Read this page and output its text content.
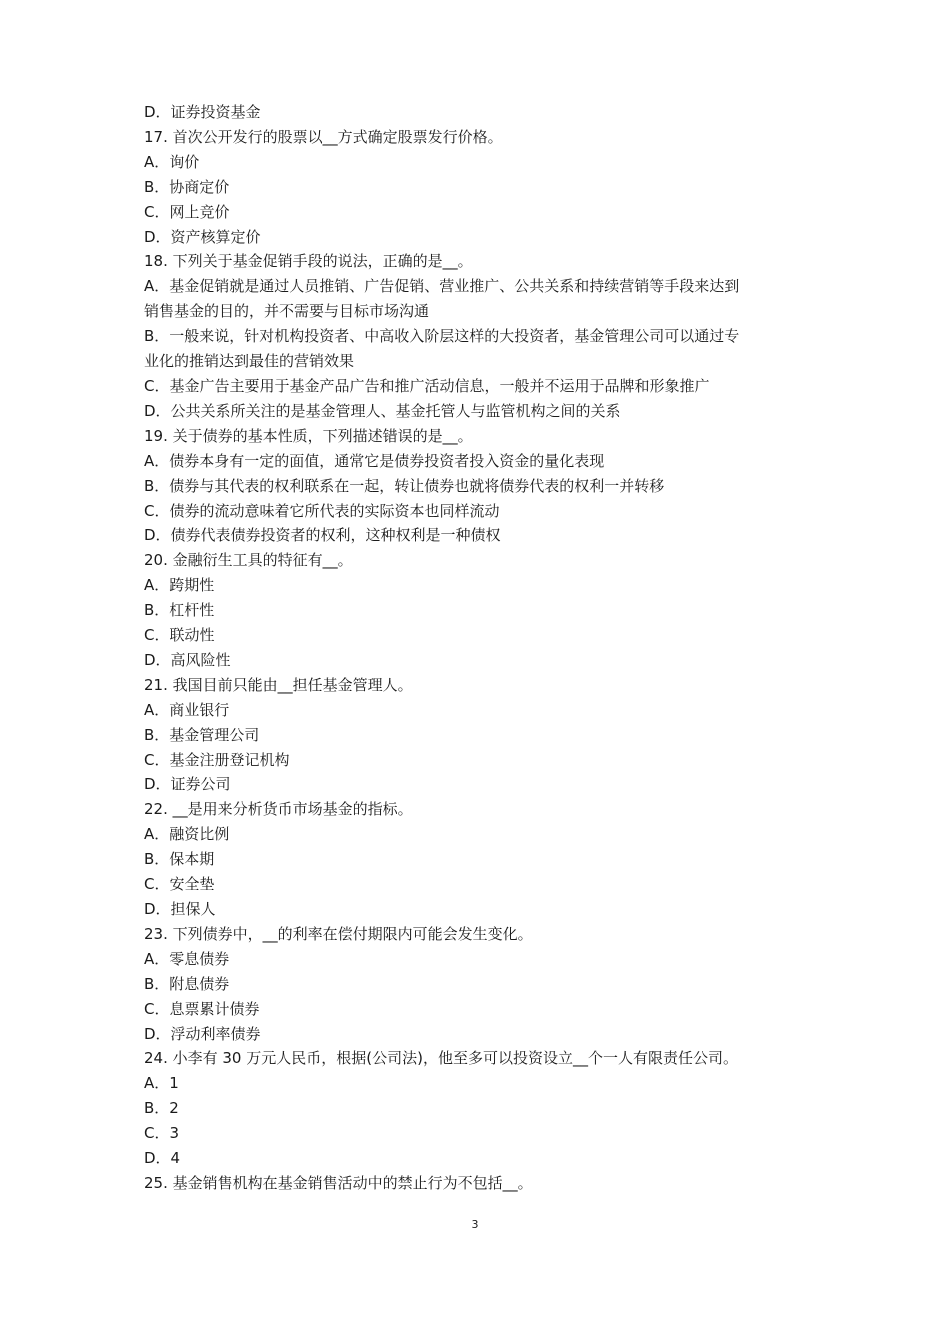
D．证券投资基金
17. 首次公开发行的股票以__方式确定股票发行价格。
A．询价
B．协商定价
C．网上竞价
D．资产核算定价
18. 下列关于基金促销手段的说法，正确的是__。
A．基金促销就是通过人员推销、广告促销、营业推广、公共关系和持续营销等手段来达到
销售基金的目的，并不需要与目标市场沟通
B．一般来说，针对机构投资者、中高收入阶层这样的大投资者，基金管理公司可以通过专
业化的推销达到最佳的营销效果
C．基金广告主要用于基金产品广告和推广活动信息，一般并不运用于品牌和形象推广
D．公共关系所关注的是基金管理人、基金托管人与监管机构之间的关系
19. 关于债券的基本性质，下列描述错误的是__。
A．债券本身有一定的面值，通常它是债券投资者投入资金的量化表现
B．债券与其代表的权利联系在一起，转让债券也就将债券代表的权利一并转移
C．债券的流动意味着它所代表的实际资本也同样流动
D．债券代表债券投资者的权利，这种权利是一种债权
20. 金融衍生工具的特征有__。
A．跨期性
B．杠杆性
C．联动性
D．高风险性
21. 我国目前只能由__担任基金管理人。
A．商业银行
B．基金管理公司
C．基金注册登记机构
D．证券公司
22. __是用来分析货币市场基金的指标。
A．融资比例
B．保本期
C．安全垫
D．担保人
23. 下列债券中，__的利率在偿付期限内可能会发生变化。
A．零息债券
B．附息债券
C．息票累计债券
D．浮动利率债券
24. 小李有 30 万元人民币，根据(公司法)，他至多可以投资设立__个一人有限责任公司。
A．1
B．2
C．3
D．4
25. 基金销售机构在基金销售活动中的禁止行为不包括__。
3
